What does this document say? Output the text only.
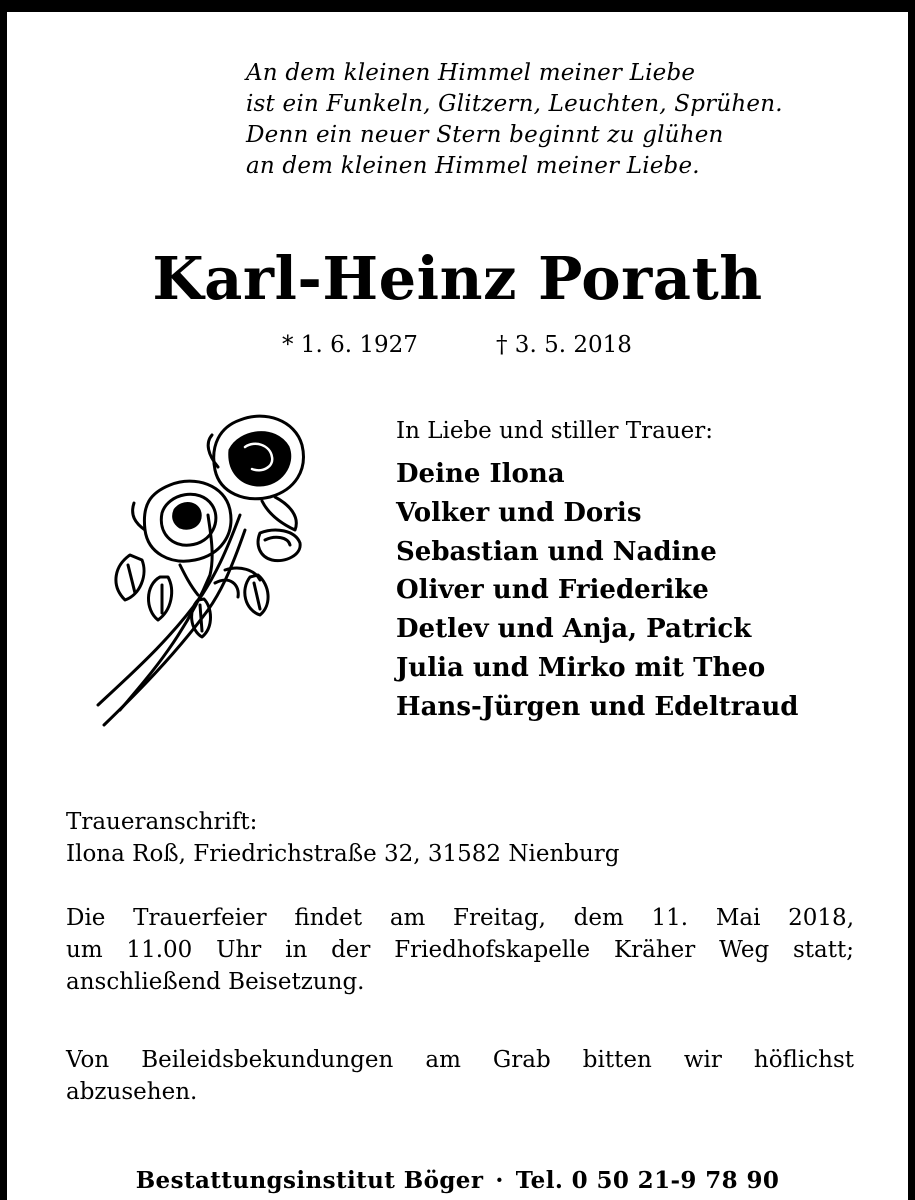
An dem kleinen Himmel meiner Liebe
ist ein Funkeln, Glitzern, Leuchten, Sprühen.
Denn ein neuer Stern beginnt zu glühen
an dem kleinen Himmel meiner Liebe.
Karl-Heinz Porath
* 1. 6. 1927	† 3. 5. 2018
In Liebe und stiller Trauer:
Deine Ilona
Volker und Doris
Sebastian und Nadine
Oliver und Friederike
Detlev und Anja, Patrick
Julia und Mirko mit Theo
Hans-Jürgen und Edeltraud
Traueranschrift:
Ilona Roß, Friedrichstraße 32, 31582 Nienburg
Die Trauerfeier findet am Freitag, dem 11. Mai 2018,
um 11.00 Uhr in der Friedhofskapelle Kräher Weg statt;
anschließend Beisetzung.
Von Beileidsbekundungen am Grab bitten wir höflichst
abzusehen.
Bestattungsinstitut Böger · Tel. 0 50 21-9 78 90
